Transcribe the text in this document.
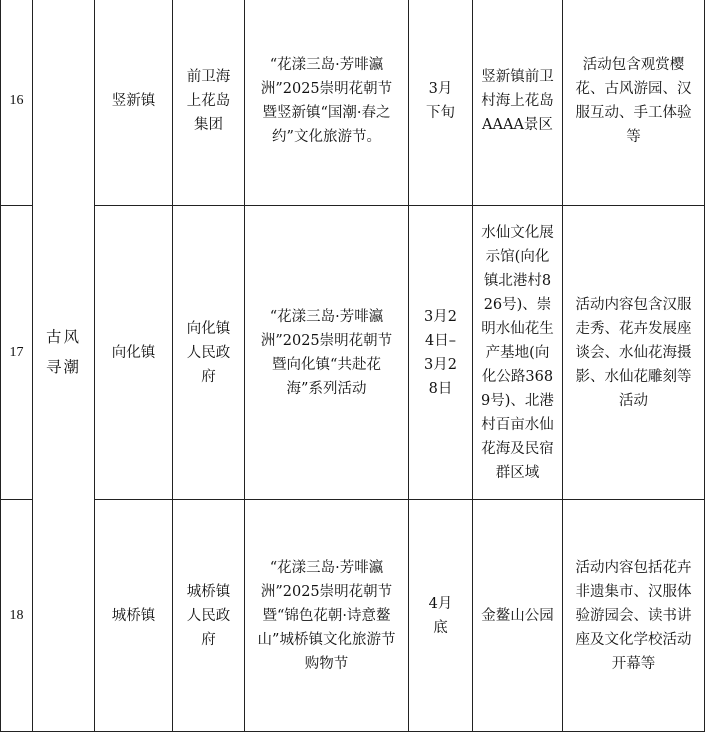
16	古风寻潮	竖新镇	前卫海上花岛集团	“花漾三岛·芳啡瀛洲”2025崇明花朝节暨竖新镇“国潮·春之约”文化旅游节。	3月下旬	竖新镇前卫村海上花岛AAAA景区	活动包含观赏樱花、古风游园、汉服互动、手工体验等
17		向化镇	向化镇人民政府	“花漾三岛·芳啡瀛洲”2025崇明花朝节暨向化镇“共赴花海”系列活动	3月24日–3月28日	水仙文化展示馆(向化镇北港村826号)、崇明水仙花生产基地(向化公路3689号)、北港村百亩水仙花海及民宿群区域	活动内容包含汉服走秀、花卉发展座谈会、水仙花海摄影、水仙花雕刻等活动
18		城桥镇	城桥镇人民政府	“花漾三岛·芳啡瀛洲”2025崇明花朝节暨“锦色花朝·诗意鳌山”城桥镇文化旅游节购物节	4月底	金鳌山公园	活动内容包括花卉非遗集市、汉服体验游园会、读书讲座及文化学校活动开幕等
